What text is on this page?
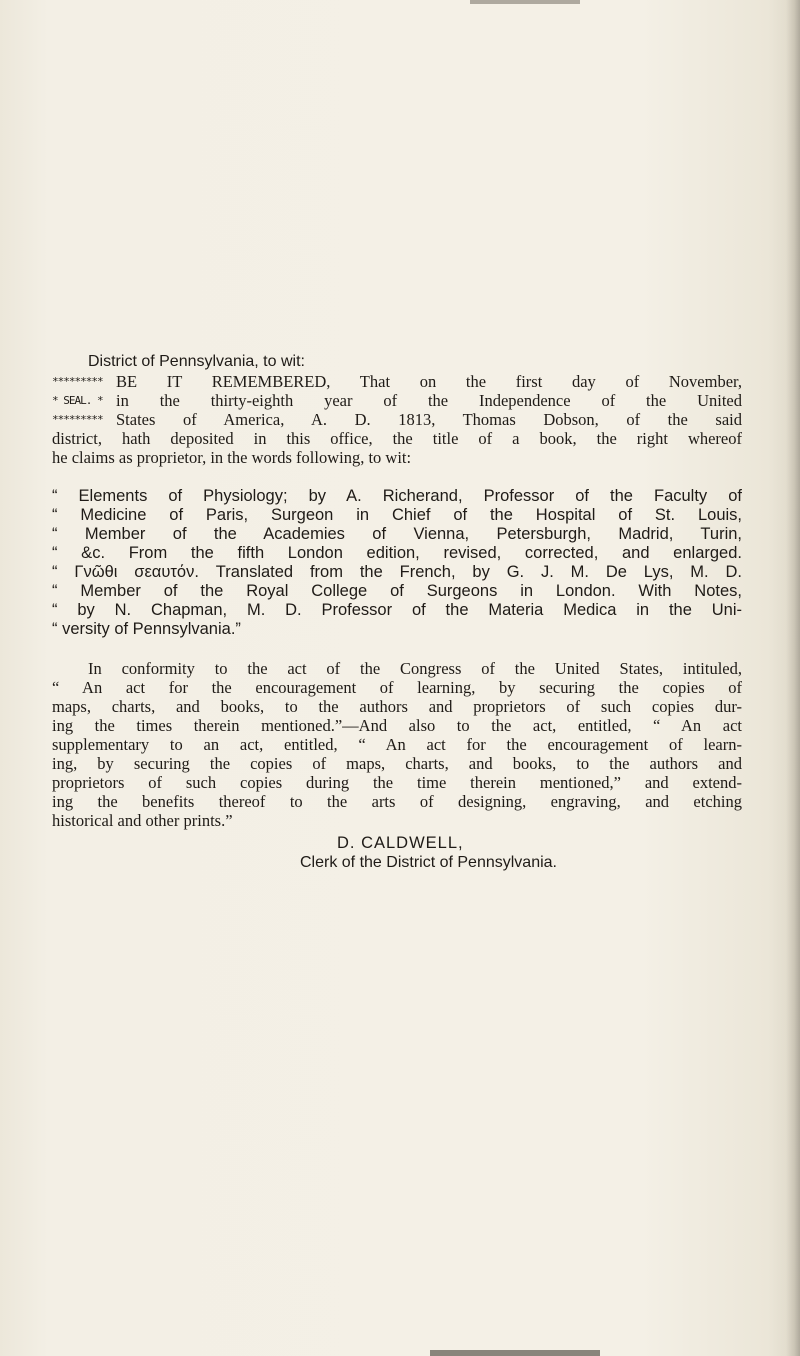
District of Pennsylvania, to wit:
*********
* SEAL. *
*********
BE IT REMEMBERED, That on the first day of November,
in the thirty-eighth year of the Independence of the United
States of America, A. D. 1813, Thomas Dobson, of the said
district, hath deposited in this office, the title of a book, the right whereof
he claims as proprietor, in the words following, to wit:
“ Elements of Physiology; by A. Richerand, Professor of the Faculty of
“ Medicine of Paris, Surgeon in Chief of the Hospital of St. Louis,
“ Member of the Academies of Vienna, Petersburgh, Madrid, Turin,
“ &c. From the fifth London edition, revised, corrected, and enlarged.
“ Γνῶθι σεαυτόν. Translated from the French, by G. J. M. De Lys, M. D.
“ Member of the Royal College of Surgeons in London. With Notes,
“ by N. Chapman, M. D. Professor of the Materia Medica in the Uni-
“ versity of Pennsylvania.”
In conformity to the act of the Congress of the United States, intituled,
“ An act for the encouragement of learning, by securing the copies of
maps, charts, and books, to the authors and proprietors of such copies dur-
ing the times therein mentioned.”—And also to the act, entitled, “ An act
supplementary to an act, entitled, “ An act for the encouragement of learn-
ing, by securing the copies of maps, charts, and books, to the authors and
proprietors of such copies during the time therein mentioned,” and extend-
ing the benefits thereof to the arts of designing, engraving, and etching
historical and other prints.”
D. CALDWELL,
Clerk of the District of Pennsylvania.
